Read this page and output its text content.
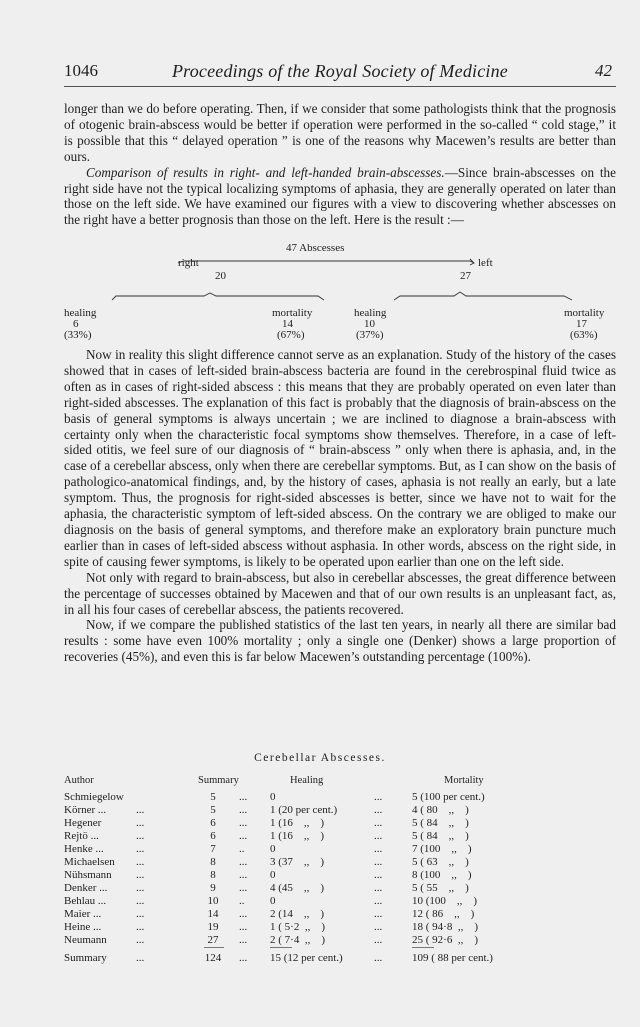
1046	Proceedings of the Royal Society of Medicine	42

longer than we do before operating. Then, if we consider that some pathologists think that the prognosis of otogenic brain-abscess would be better if operation were performed in the so-called “ cold stage,” it is possible that this “ delayed operation ” is one of the reasons why Macewen’s results are better than ours.

Comparison of results in right- and left-handed brain-abscesses.—Since brain-abscesses on the right side have not the typical localizing symptoms of aphasia, they are generally operated on later than those on the left side. We have examined our figures with a view to discovering whether abscesses on the right have a better prognosis than those on the left. Here is the result :—

47 Abscesses
right
20
left
27
healing
6
(33%)
mortality
14
(67%)
healing
10
(37%)
mortality
17
(63%)

Now in reality this slight difference cannot serve as an explanation. Study of the history of the cases showed that in cases of left-sided brain-abscess bacteria are found in the cerebrospinal fluid twice as often as in cases of right-sided abscess : this means that they are probably operated on even later than right-sided abscesses. The explanation of this fact is probably that the diagnosis of brain-abscess on the basis of general symptoms is always uncertain ; we are inclined to diagnose a brain-abscess with certainty only when the characteristic focal symptoms show themselves. Therefore, in a case of left-sided otitis, we feel sure of our diagnosis of “ brain-abscess ” only when there is aphasia, and, in the case of a cerebellar abscess, only when there are cerebellar symptoms. But, as I can show on the basis of pathologico-anatomical findings, and, by the history of cases, aphasia is not really an early, but a late symptom. Thus, the prognosis for right-sided abscesses is better, since we have not to wait for the aphasia, the characteristic symptom of left-sided abscess. On the contrary we are obliged to make our diagnosis on the basis of general symptoms, and therefore make an exploratory brain puncture much earlier than in cases of left-sided abscess without asphasia. In other words, abscess on the right side, in spite of causing fewer symptoms, is likely to be operated upon earlier than one on the left side.

Not only with regard to brain-abscess, but also in cerebellar abscesses, the great difference between the percentage of successes obtained by Macewen and that of our own results is an unpleasant fact, as, in all his four cases of cerebellar abscess, the patients recovered.

Now, if we compare the published statistics of the last ten years, in nearly all there are similar bad results : some have even 100% mortality ; only a single one (Denker) shows a large proportion of recoveries (45%), and even this is far below Macewen’s outstanding percentage (100%).

Cerebellar Abscesses.
Author	Summary	Healing	Mortality
Schmiegelow	5	... 0	...	5 (100 per cent.)
Körner ...	...	5	... 1 (20 per cent.)	...	4 ( 80    ,,    )
Hegener	...	6	... 1 (16    ,,    )	...	5 ( 84    ,,    )
Rejtö ...	...	6	... 1 (16    ,,    )	...	5 ( 84    ,,    )
Henke ...	...	7	.. 0	...	7 (100    ,,    )
Michaelsen ...	8	... 3 (37    ,,    )	...	5 ( 63    ,,    )
Nühsmann ...	8	... 0	...	8 (100    ,,    )
Denker ...	...	9	... 4 (45    ,,    )	...	5 ( 55    ,,    )
Behlau ...	...	10	.. 0	...	10 (100    ,,    )
Maier ...	...	14	... 2 (14    ,,    )	...	12 ( 86    ,,    )
Heine ...	...	19	... 1 ( 5·2  ,,    )	...	18 ( 94·8  ,,    )
Neumann	...	27	... 2 ( 7·4  ,,    )	...	25 ( 92·6  ,,    )
Summary	...	124	... 15 (12 per cent.)	...	109 ( 88 per cent.)
